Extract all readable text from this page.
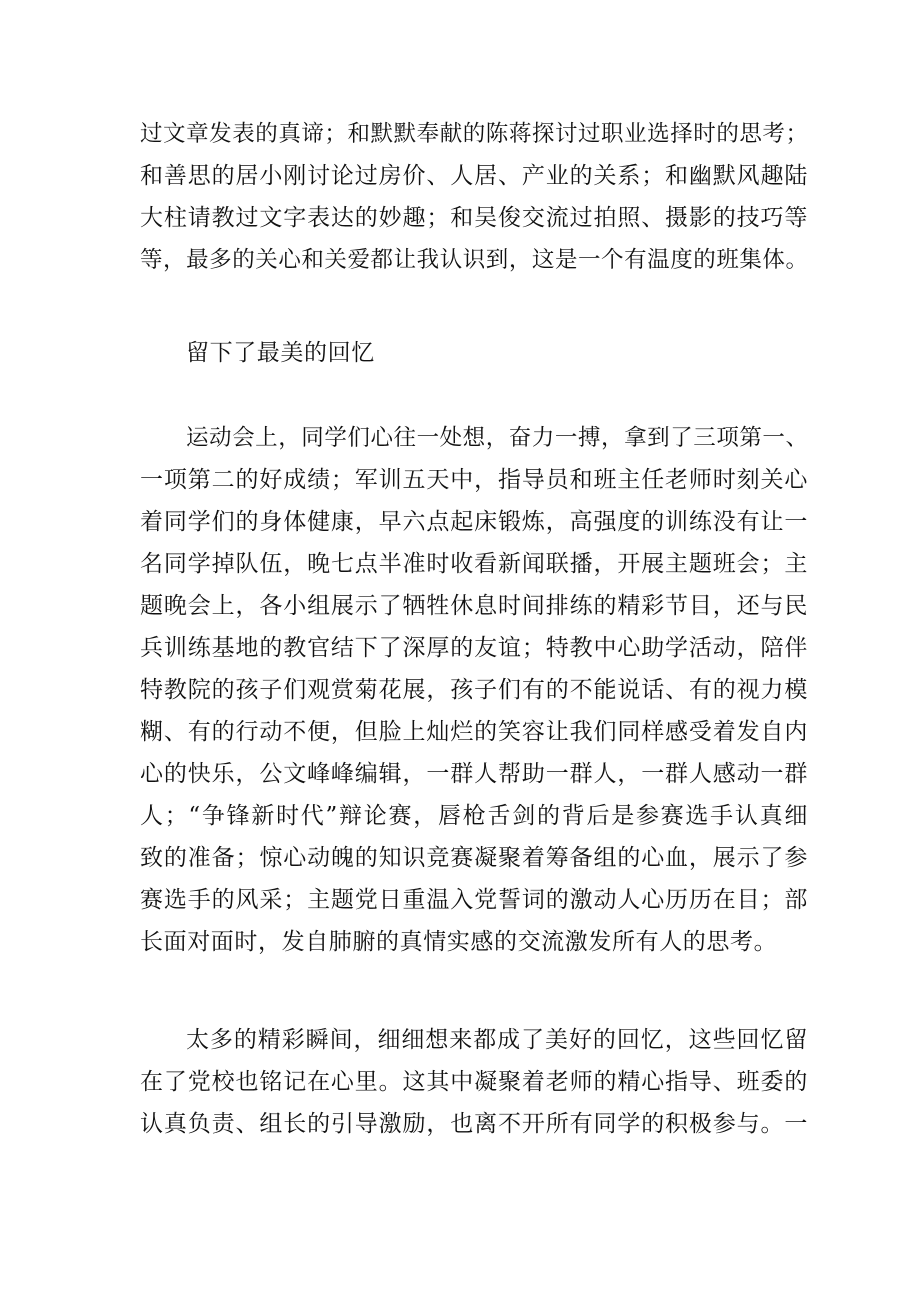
过文章发表的真谛；和默默奉献的陈蒋探讨过职业选择时的思考；
和善思的居小刚讨论过房价、人居、产业的关系；和幽默风趣陆
大柱请教过文字表达的妙趣；和吴俊交流过拍照、摄影的技巧等
等，最多的关心和关爱都让我认识到，这是一个有温度的班集体。
留下了最美的回忆
运动会上，同学们心往一处想，奋力一搏，拿到了三项第一、
一项第二的好成绩；军训五天中，指导员和班主任老师时刻关心
着同学们的身体健康，早六点起床锻炼，高强度的训练没有让一
名同学掉队伍，晚七点半准时收看新闻联播，开展主题班会；主
题晚会上，各小组展示了牺牲休息时间排练的精彩节目，还与民
兵训练基地的教官结下了深厚的友谊；特教中心助学活动，陪伴
特教院的孩子们观赏菊花展，孩子们有的不能说话、有的视力模
糊、有的行动不便，但脸上灿烂的笑容让我们同样感受着发自内
心的快乐，公文峰峰编辑，一群人帮助一群人，一群人感动一群
人；“争锋新时代”辩论赛，唇枪舌剑的背后是参赛选手认真细
致的准备；惊心动魄的知识竞赛凝聚着筹备组的心血，展示了参
赛选手的风采；主题党日重温入党誓词的激动人心历历在目；部
长面对面时，发自肺腑的真情实感的交流激发所有人的思考。
太多的精彩瞬间，细细想来都成了美好的回忆，这些回忆留
在了党校也铭记在心里。这其中凝聚着老师的精心指导、班委的
认真负责、组长的引导激励，也离不开所有同学的积极参与。一
